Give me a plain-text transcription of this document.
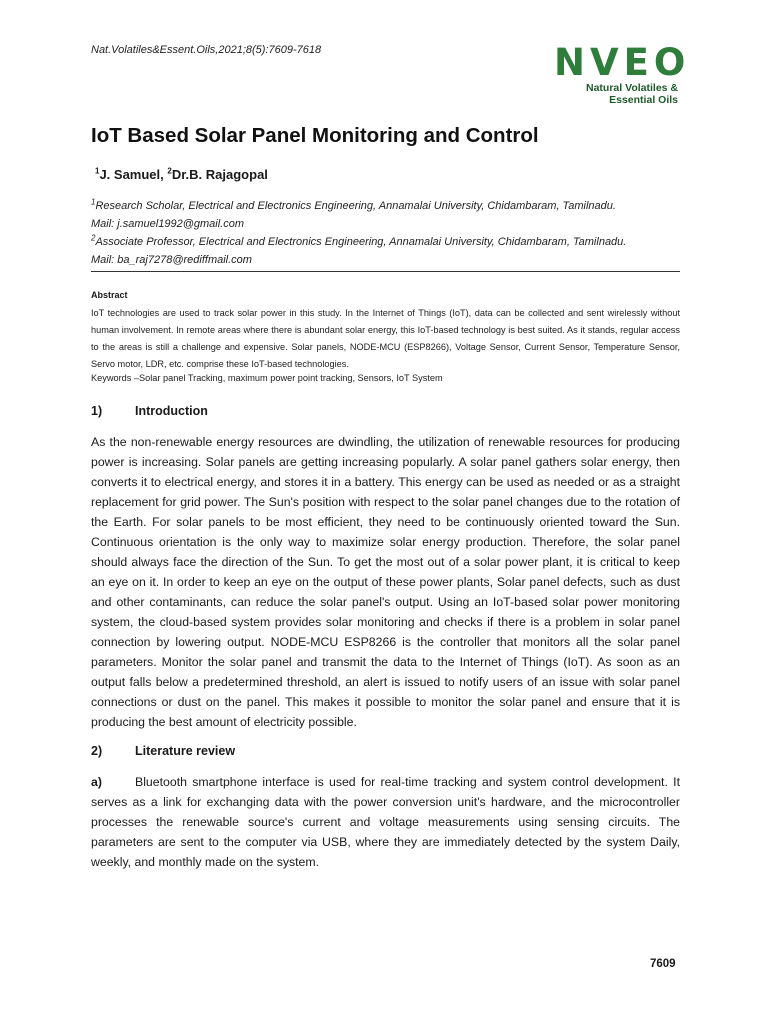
Nat.Volatiles&Essent.Oils,2021;8(5):7609-7618	NVEO
Natural Volatiles &
Essential Oils
IoT Based Solar Panel Monitoring and Control
$^1$J. Samuel, $^2$Dr.B. Rajagopal
$^1$Research Scholar, Electrical and Electronics Engineering, Annamalai University, Chidambaram, Tamilnadu.
Mail: j.samuel1992@gmail.com
$^2$Associate Professor, Electrical and Electronics Engineering, Annamalai University, Chidambaram, Tamilnadu.
Mail: ba_raj7278@rediffmail.com
Abstract
IoT technologies are used to track solar power in this study. In the Internet of Things (IoT), data can be collected and sent wirelessly without human involvement. In remote areas where there is abundant solar energy, this IoT-based technology is best suited. As it stands, regular access to the areas is still a challenge and expensive. Solar panels, NODE-MCU (ESP8266), Voltage Sensor, Current Sensor, Temperature Sensor, Servo motor, LDR, etc. comprise these IoT-based technologies.
Keywords –Solar panel Tracking, maximum power point tracking, Sensors, IoT System
1)	Introduction
As the non-renewable energy resources are dwindling, the utilization of renewable resources for producing power is increasing. Solar panels are getting increasing popularly. A solar panel gathers solar energy, then converts it to electrical energy, and stores it in a battery. This energy can be used as needed or as a straight replacement for grid power. The Sun's position with respect to the solar panel changes due to the rotation of the Earth. For solar panels to be most efficient, they need to be continuously oriented toward the Sun. Continuous orientation is the only way to maximize solar energy production. Therefore, the solar panel should always face the direction of the Sun. To get the most out of a solar power plant, it is critical to keep an eye on it. In order to keep an eye on the output of these power plants, Solar panel defects, such as dust and other contaminants, can reduce the solar panel's output. Using an IoT-based solar power monitoring system, the cloud-based system provides solar monitoring and checks if there is a problem in solar panel connection by lowering output. NODE-MCU ESP8266 is the controller that monitors all the solar panel parameters. Monitor the solar panel and transmit the data to the Internet of Things (IoT). As soon as an output falls below a predetermined threshold, an alert is issued to notify users of an issue with solar panel connections or dust on the panel. This makes it possible to monitor the solar panel and ensure that it is producing the best amount of electricity possible.
2)	Literature review
a)	Bluetooth smartphone interface is used for real-time tracking and system control development. It serves as a link for exchanging data with the power conversion unit's hardware, and the microcontroller processes the renewable source's current and voltage measurements using sensing circuits. The parameters are sent to the computer via USB, where they are immediately detected by the system Daily, weekly, and monthly made on the system.
7609
